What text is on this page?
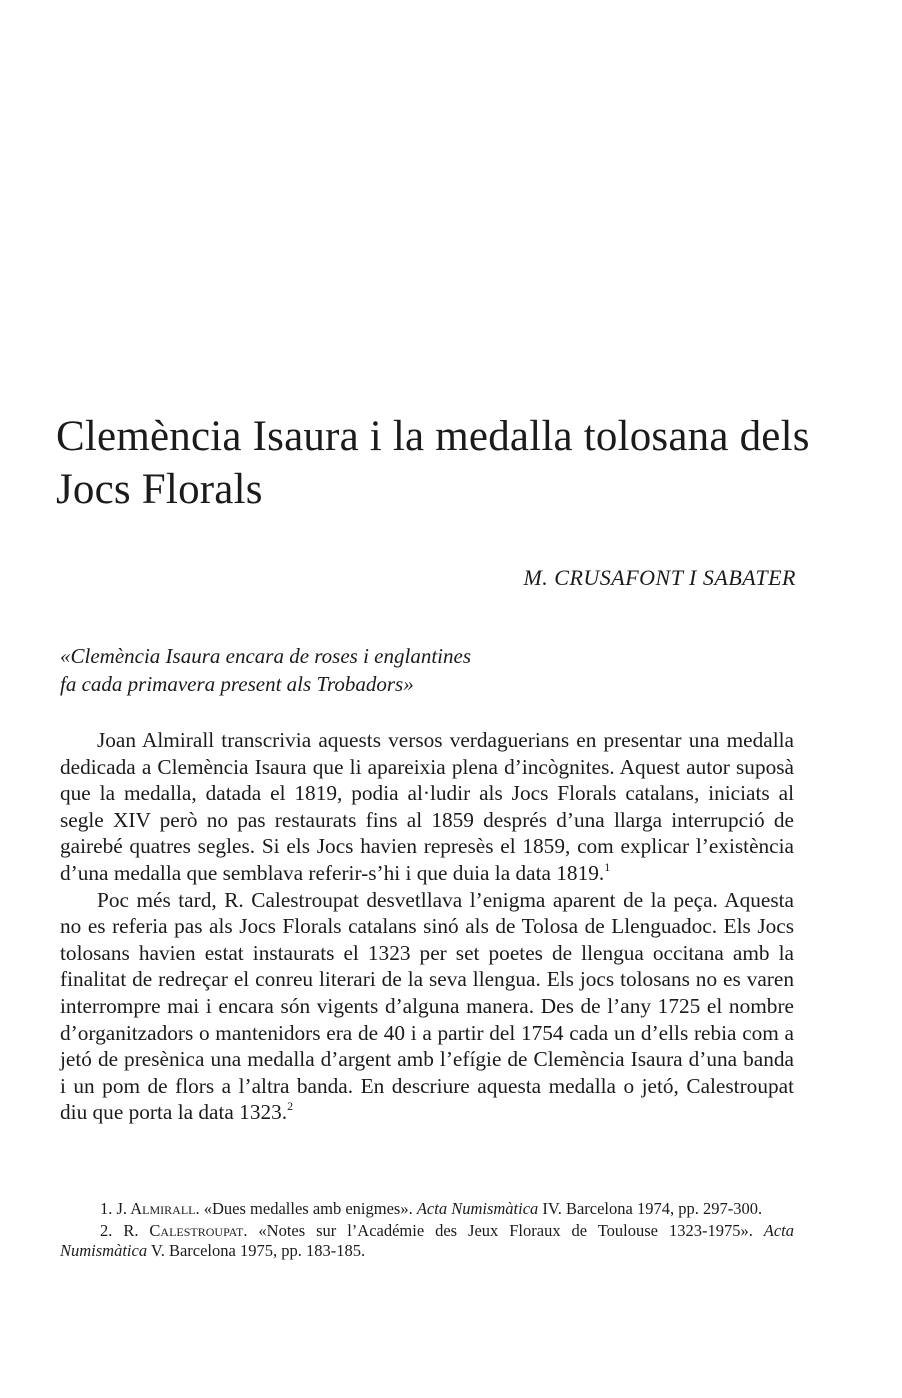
Clemència Isaura i la medalla tolosana dels
Jocs Florals
M. CRUSAFONT I SABATER
«Clemència Isaura encara de roses i englantines
fa cada primavera present als Trobadors»

Joan Almirall transcrivia aquests versos verdaguerians en presentar una medalla dedicada a Clemència Isaura que li apareixia plena d’incògnites. Aquest autor suposà que la medalla, datada el 1819, podia al·ludir als Jocs Florals catalans, iniciats al segle XIV però no pas restaurats fins al 1859 després d’una llarga interrupció de gairebé quatres segles. Si els Jocs havien represès el 1859, com explicar l’existència d’una medalla que semblava referir-s’hi i que duia la data 1819.$^1$

Poc més tard, R. Calestroupat desvetllava l’enigma aparent de la peça. Aquesta no es referia pas als Jocs Florals catalans sinó als de Tolosa de Llenguadoc. Els Jocs tolosans havien estat instaurats el 1323 per set poetes de llengua occitana amb la finalitat de redreçar el conreu literari de la seva llengua. Els jocs tolosans no es varen interrompre mai i encara són vigents d’alguna manera. Des de l’any 1725 el nombre d’organitzadors o mantenidors era de 40 i a partir del 1754 cada un d’ells rebia com a jetó de presènica una medalla d’argent amb l’efígie de Clemència Isaura d’una banda i un pom de flors a l’altra banda. En descriure aquesta medalla o jetó, Calestroupat diu que porta la data 1323.$^2$

1. J. Almirall. «Dues medalles amb enigmes». Acta Numismàtica IV. Barcelona 1974, pp. 297-300.

2. R. Calestroupat. «Notes sur l’Académie des Jeux Floraux de Toulouse 1323-1975». Acta Numismàtica V. Barcelona 1975, pp. 183-185.
